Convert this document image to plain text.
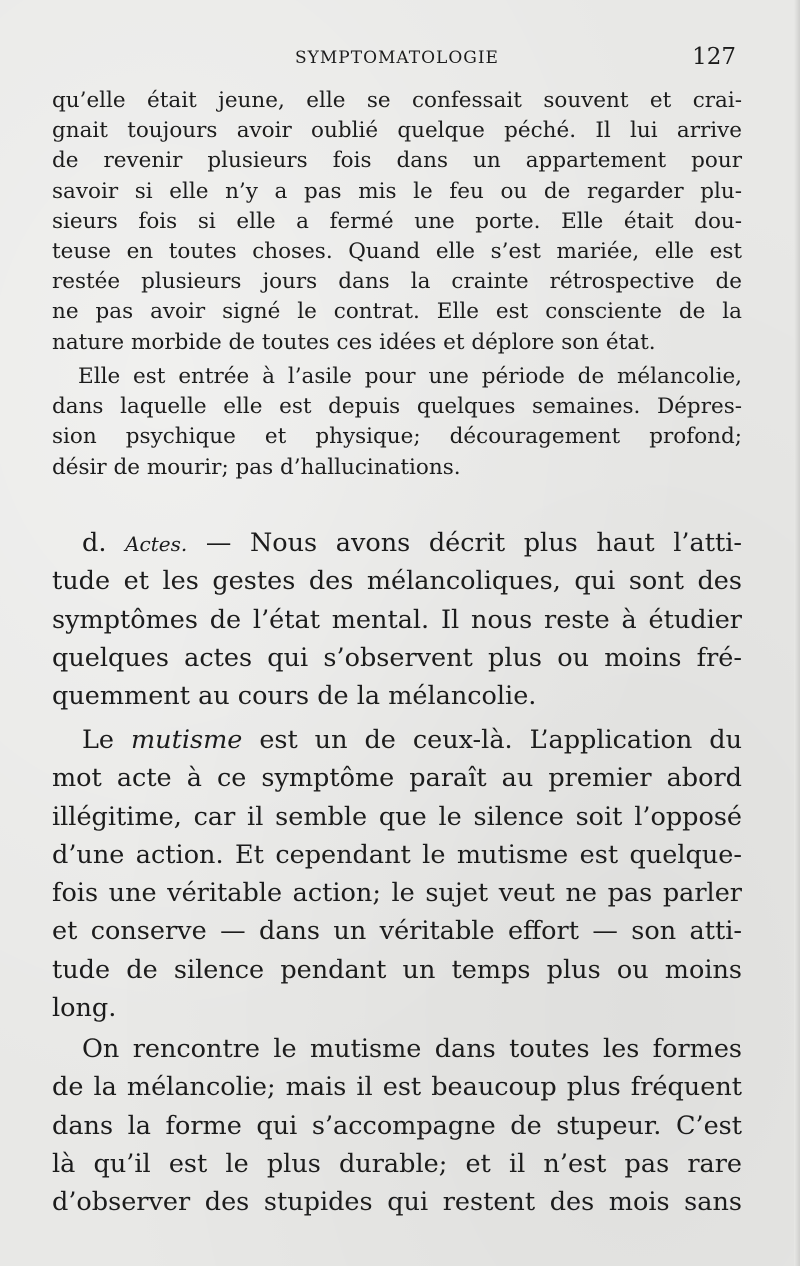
SYMPTOMATOLOGIE	127
qu’elle était jeune, elle se confessait souvent et crai-
gnait toujours avoir oublié quelque péché. Il lui arrive
de revenir plusieurs fois dans un appartement pour
savoir si elle n’y a pas mis le feu ou de regarder plu-
sieurs fois si elle a fermé une porte. Elle était dou-
teuse en toutes choses. Quand elle s’est mariée, elle est
restée plusieurs jours dans la crainte rétrospective de
ne pas avoir signé le contrat. Elle est consciente de la
nature morbide de toutes ces idées et déplore son état.
Elle est entrée à l’asile pour une période de mélancolie,
dans laquelle elle est depuis quelques semaines. Dépres-
sion psychique et physique; découragement profond;
désir de mourir; pas d’hallucinations.
d. Actes. — Nous avons décrit plus haut l’atti-
tude et les gestes des mélancoliques, qui sont des
symptômes de l’état mental. Il nous reste à étudier
quelques actes qui s’observent plus ou moins fré-
quemment au cours de la mélancolie.
Le mutisme est un de ceux-là. L’application du
mot acte à ce symptôme paraît au premier abord
illégitime, car il semble que le silence soit l’opposé
d’une action. Et cependant le mutisme est quelque-
fois une véritable action; le sujet veut ne pas parler
et conserve — dans un véritable effort — son atti-
tude de silence pendant un temps plus ou moins
long.
On rencontre le mutisme dans toutes les formes
de la mélancolie; mais il est beaucoup plus fréquent
dans la forme qui s’accompagne de stupeur. C’est
là qu’il est le plus durable; et il n’est pas rare
d’observer des stupides qui restent des mois sans
